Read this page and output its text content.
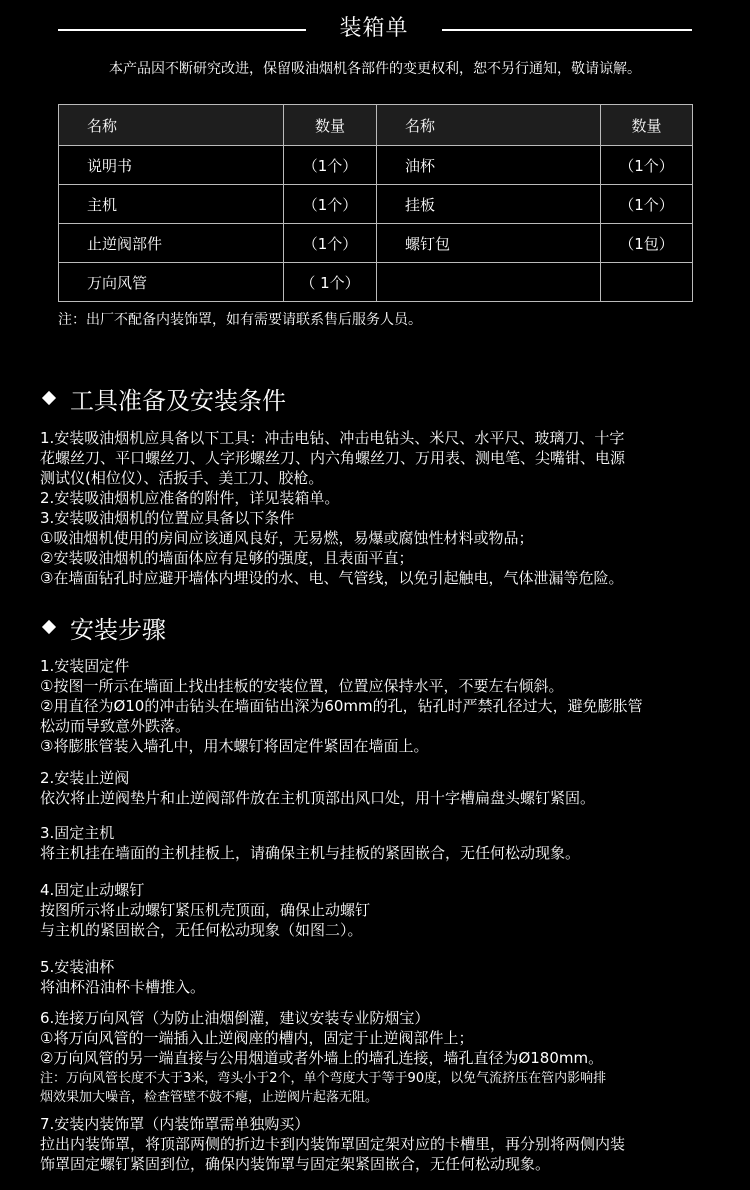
装箱单
本产品因不断研究改进，保留吸油烟机各部件的变更权利，恕不另行通知，敬请谅解。
名称	数量	名称	数量
说明书	（1个）	油杯	（1个）
主机	（1个）	挂板	（1个）
止逆阀部件	（1个）	螺钉包	（1包）
万向风管	（ 1个）		
注：出厂不配备内装饰罩，如有需要请联系售后服务人员。
工具准备及安装条件
1.安装吸油烟机应具备以下工具：冲击电钻、冲击电钻头、米尺、水平尺、玻璃刀、十字
花螺丝刀、平口螺丝刀、人字形螺丝刀、内六角螺丝刀、万用表、测电笔、尖嘴钳、电源
测试仪(相位仪）、活扳手、美工刀、胶枪。
2.安装吸油烟机应准备的附件，详见装箱单。
3.安装吸油烟机的位置应具备以下条件
①吸油烟机使用的房间应该通风良好，无易燃，易爆或腐蚀性材料或物品；
②安装吸油烟机的墙面体应有足够的强度，且表面平直；
③在墙面钻孔时应避开墙体内埋设的水、电、气管线，以免引起触电，气体泄漏等危险。
安装步骤
1.安装固定件
①按图一所示在墙面上找出挂板的安装位置，位置应保持水平，不要左右倾斜。
②用直径为Ø10的冲击钻头在墙面钻出深为60mm的孔，钻孔时严禁孔径过大，避免膨胀管
松动而导致意外跌落。
③将膨胀管装入墙孔中，用木螺钉将固定件紧固在墙面上。
2.安装止逆阀
依次将止逆阀垫片和止逆阀部件放在主机顶部出风口处，用十字槽扁盘头螺钉紧固。
3.固定主机
将主机挂在墙面的主机挂板上，请确保主机与挂板的紧固嵌合，无任何松动现象。
4.固定止动螺钉
按图所示将止动螺钉紧压机壳顶面，确保止动螺钉
与主机的紧固嵌合，无任何松动现象（如图二）。
5.安装油杯
将油杯沿油杯卡槽推入。
6.连接万向风管（为防止油烟倒灌，建议安装专业防烟宝）
①将万向风管的一端插入止逆阀座的槽内，固定于止逆阀部件上；
②万向风管的另一端直接与公用烟道或者外墙上的墙孔连接，墙孔直径为Ø180mm。
注：万向风管长度不大于3米，弯头小于2个，单个弯度大于等于90度，以免气流挤压在管内影响排
烟效果加大噪音，检查管壁不鼓不瘪，止逆阀片起落无阻。
7.安装内装饰罩（内装饰罩需单独购买）
拉出内装饰罩，将顶部两侧的折边卡到内装饰罩固定架对应的卡槽里，再分别将两侧内装
饰罩固定螺钉紧固到位，确保内装饰罩与固定架紧固嵌合，无任何松动现象。
